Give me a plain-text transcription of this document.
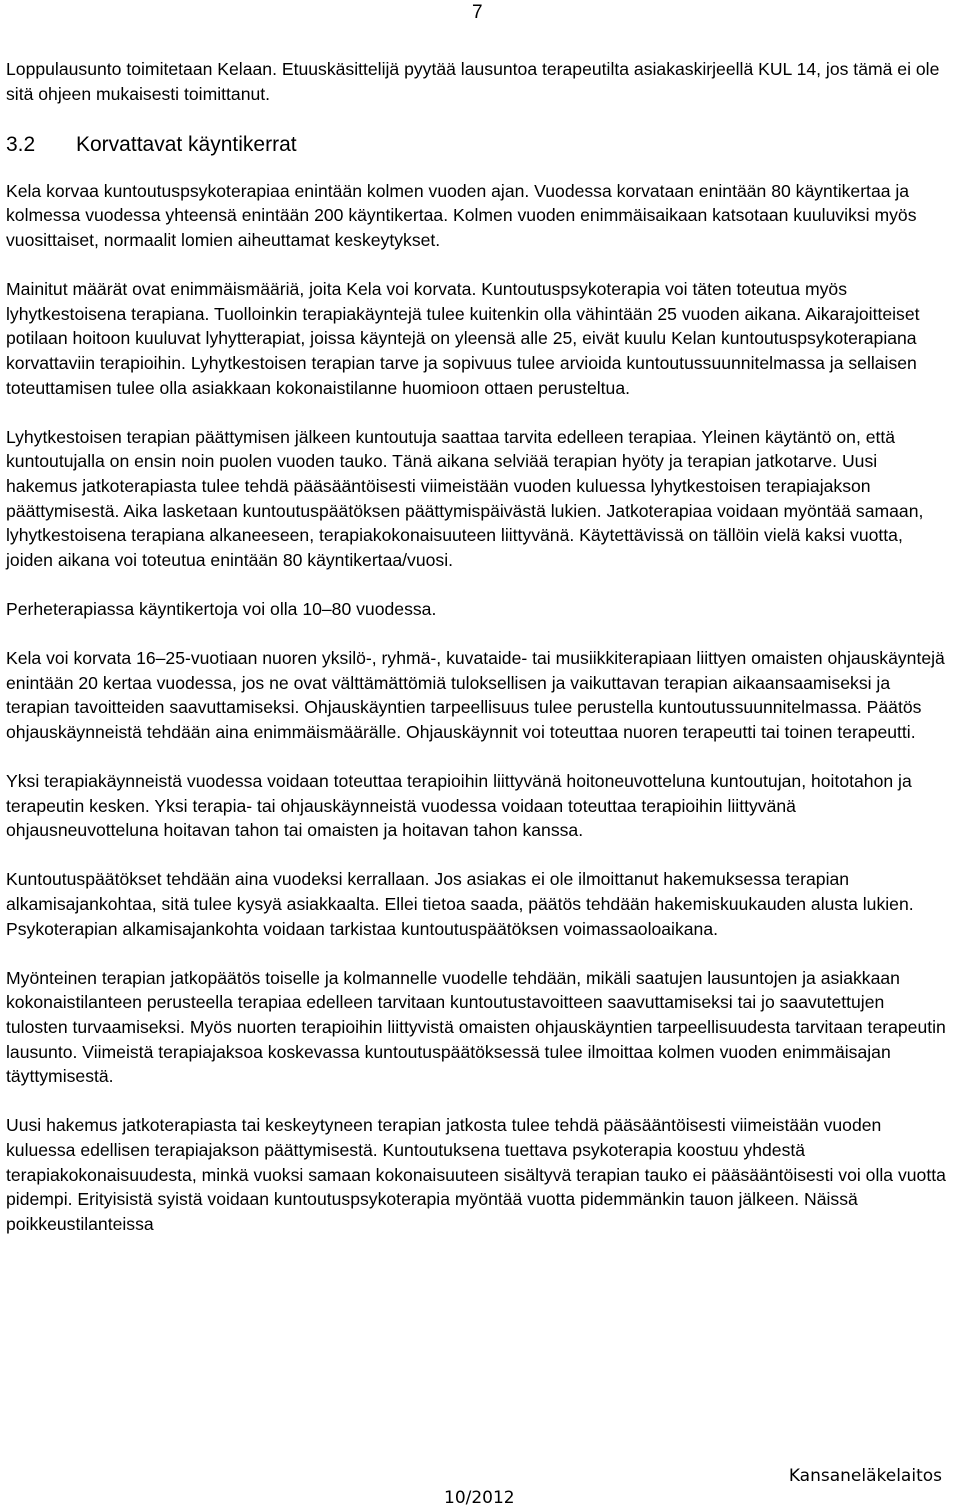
7

Loppulausunto toimitetaan Kelaan. Etuuskäsittelijä pyytää lausuntoa terapeutilta asiakaskirjeellä KUL 14, jos tämä ei ole sitä ohjeen mukaisesti toimittanut.

3.2 Korvattavat käyntikerrat

Kela korvaa kuntoutuspsykoterapiaa enintään kolmen vuoden ajan. Vuodessa korvataan enintään 80 käyntikertaa ja kolmessa vuodessa yhteensä enintään 200 käyntikertaa. Kolmen vuoden enimmäisaikaan katsotaan kuuluviksi myös vuosittaiset, normaalit lomien aiheuttamat keskeytykset.

Mainitut määrät ovat enimmäismääriä, joita Kela voi korvata. Kuntoutuspsykoterapia voi täten toteutua myös lyhytkestoisena terapiana. Tuolloinkin terapiakäyntejä tulee kuitenkin olla vähintään 25 vuoden aikana. Aikarajoitteiset potilaan hoitoon kuuluvat lyhytterapiat, joissa käyntejä on yleensä alle 25, eivät kuulu Kelan kuntoutuspsykoterapiana korvattaviin terapioihin. Lyhytkestoisen terapian tarve ja sopivuus tulee arvioida kuntoutussuunnitelmassa ja sellaisen toteuttamisen tulee olla asiakkaan kokonaistilanne huomioon ottaen perusteltua.

Lyhytkestoisen terapian päättymisen jälkeen kuntoutuja saattaa tarvita edelleen terapiaa. Yleinen käytäntö on, että kuntoutujalla on ensin noin puolen vuoden tauko. Tänä aikana selviää terapian hyöty ja terapian jatkotarve. Uusi hakemus jatkoterapiasta tulee tehdä pääsääntöisesti viimeistään vuoden kuluessa lyhytkestoisen terapiajakson päättymisestä. Aika lasketaan kuntoutuspäätöksen päättymispäivästä lukien. Jatkoterapiaa voidaan myöntää samaan, lyhytkestoisena terapiana alkaneeseen, terapiakokonaisuuteen liittyvänä. Käytettävissä on tällöin vielä kaksi vuotta, joiden aikana voi toteutua enintään 80 käyntikertaa/vuosi.

Perheterapiassa käyntikertoja voi olla 10–80 vuodessa.

Kela voi korvata 16–25-vuotiaan nuoren yksilö-, ryhmä-, kuvataide- tai musiikkiterapiaan liittyen omaisten ohjauskäyntejä enintään 20 kertaa vuodessa, jos ne ovat välttämättömiä tuloksellisen ja vaikuttavan terapian aikaansaamiseksi ja terapian tavoitteiden saavuttamiseksi. Ohjauskäyntien tarpeellisuus tulee perustella kuntoutussuunnitelmassa. Päätös ohjauskäynneistä tehdään aina enimmäismäärälle. Ohjauskäynnit voi toteuttaa nuoren terapeutti tai toinen terapeutti.

Yksi terapiakäynneistä vuodessa voidaan toteuttaa terapioihin liittyvänä hoitoneuvotteluna kuntoutujan, hoitotahon ja terapeutin kesken. Yksi terapia- tai ohjauskäynneistä vuodessa voidaan toteuttaa terapioihin liittyvänä ohjausneuvotteluna hoitavan tahon tai omaisten ja hoitavan tahon kanssa.

Kuntoutuspäätökset tehdään aina vuodeksi kerrallaan. Jos asiakas ei ole ilmoittanut hakemuksessa terapian alkamisajankohtaa, sitä tulee kysyä asiakkaalta. Ellei tietoa saada, päätös tehdään hakemiskuukauden alusta lukien. Psykoterapian alkamisajankohta voidaan tarkistaa kuntoutuspäätöksen voimassaoloaikana.

Myönteinen terapian jatkopäätös toiselle ja kolmannelle vuodelle tehdään, mikäli saatujen lausuntojen ja asiakkaan kokonaistilanteen perusteella terapiaa edelleen tarvitaan kuntoutustavoitteen saavuttamiseksi tai jo saavutettujen tulosten turvaamiseksi. Myös nuorten terapioihin liittyvistä omaisten ohjauskäyntien tarpeellisuudesta tarvitaan terapeutin lausunto. Viimeistä terapiajaksoa koskevassa kuntoutuspäätöksessä tulee ilmoittaa kolmen vuoden enimmäisajan täyttymisestä.

Uusi hakemus jatkoterapiasta tai keskeytyneen terapian jatkosta tulee tehdä pääsääntöisesti viimeistään vuoden kuluessa edellisen terapiajakson päättymisestä. Kuntoutuksena tuettava psykoterapia koostuu yhdestä terapiakokonaisuudesta, minkä vuoksi samaan kokonaisuuteen sisältyvä terapian tauko ei pääsääntöisesti voi olla vuotta pidempi. Erityisistä syistä voidaan kuntoutuspsykoterapia myöntää vuotta pidemmänkin tauon jälkeen. Näissä poikkeustilanteissa

Kansaneläkelaitos
10/2012
